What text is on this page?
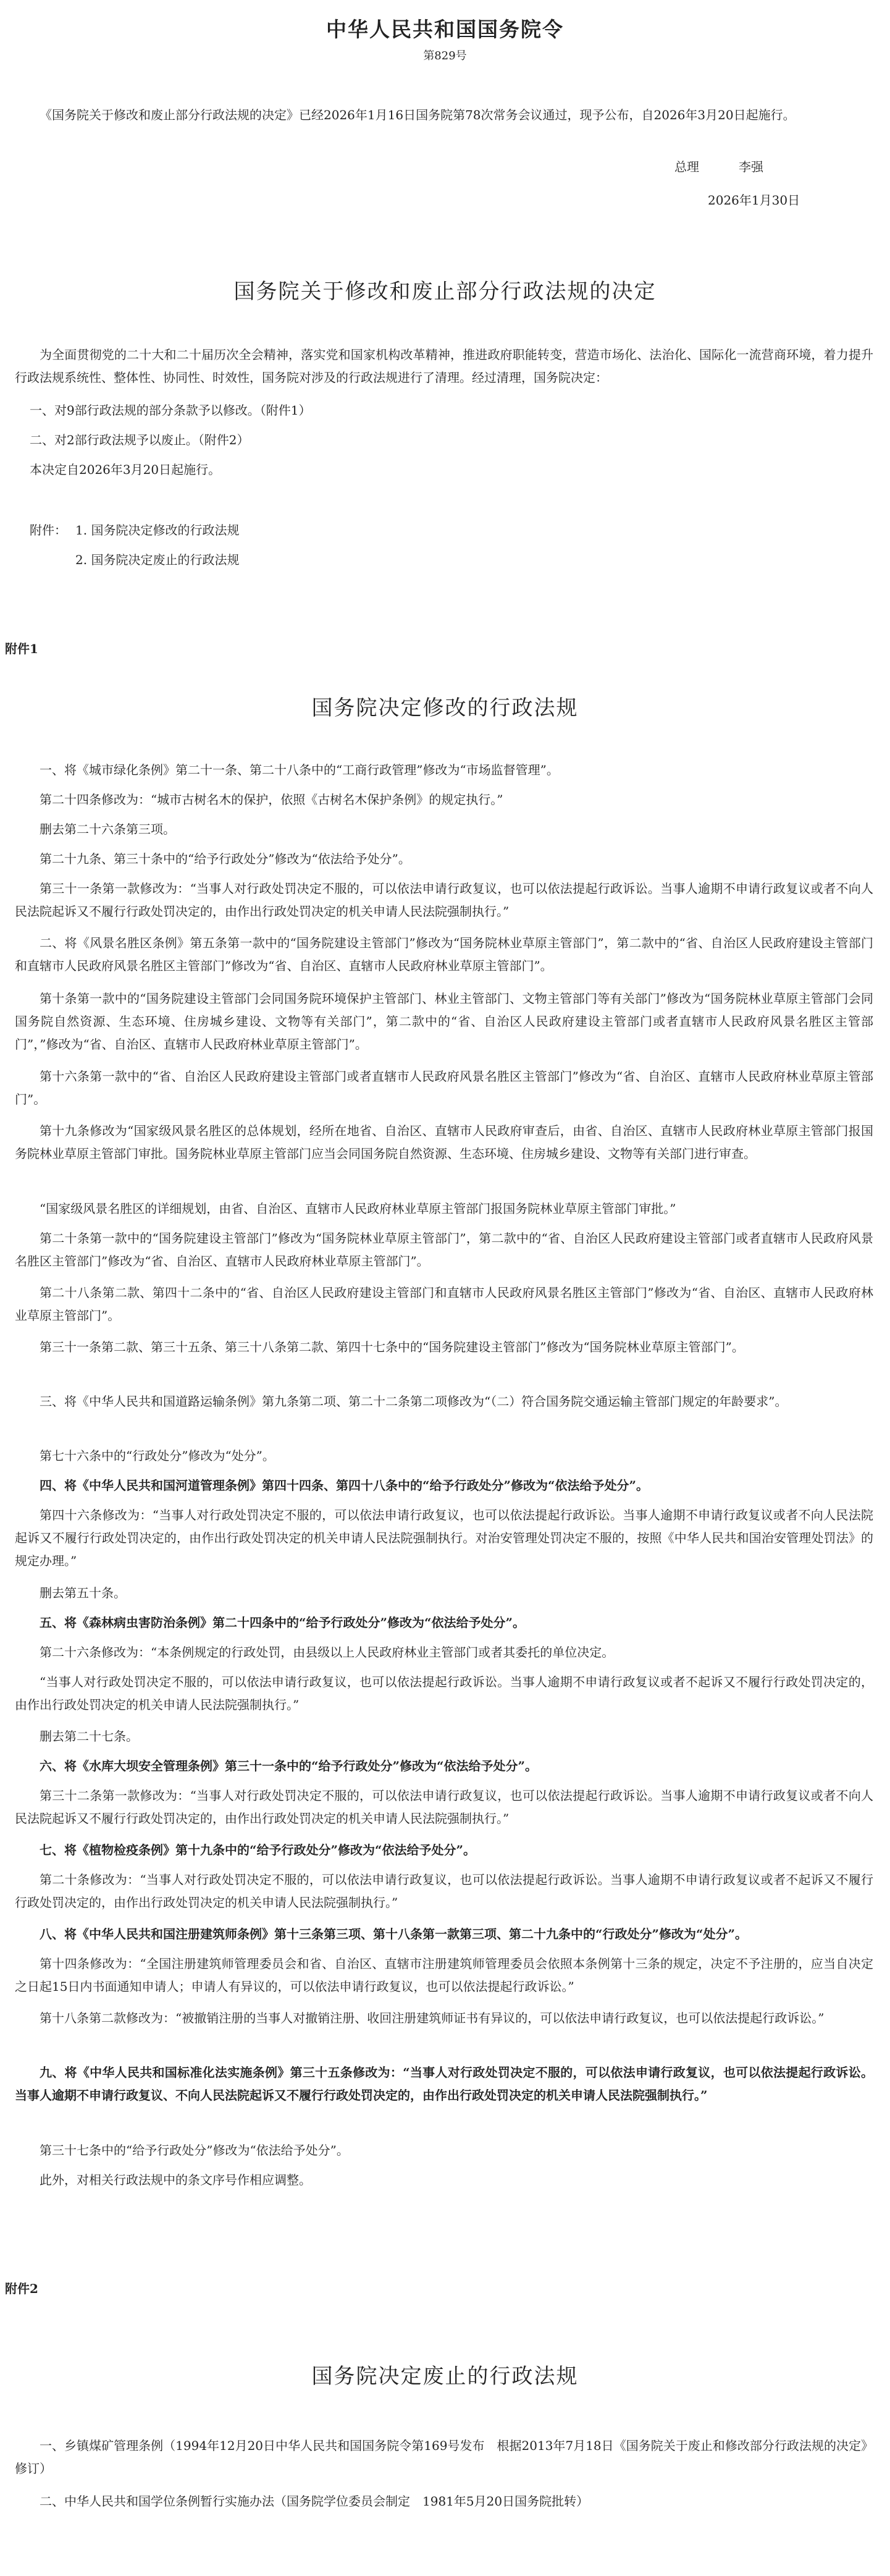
中华人民共和国国务院令
第829号

《国务院关于修改和废止部分行政法规的决定》已经2026年1月16日国务院第78次常务会议通过，现予公布，自2026年3月20日起施行。

总理	李强
2026年1月30日
国务院关于修改和废止部分行政法规的决定

为全面贯彻党的二十大和二十届历次全会精神，落实党和国家机构改革精神，推进政府职能转变，营造市场化、法治化、国际化一流营商环境，着力提升行政法规系统性、整体性、协同性、时效性，国务院对涉及的行政法规进行了清理。经过清理，国务院决定：

一、对9部行政法规的部分条款予以修改。（附件1）
二、对2部行政法规予以废止。（附件2）
本决定自2026年3月20日起施行。
附件： 1. 国务院决定修改的行政法规
2. 国务院决定废止的行政法规
附件1
国务院决定修改的行政法规

一、将《城市绿化条例》第二十一条、第二十八条中的“工商行政管理”修改为“市场监督管理”。

第二十四条修改为：“城市古树名木的保护，依照《古树名木保护条例》的规定执行。”

删去第二十六条第三项。

第二十九条、第三十条中的“给予行政处分”修改为“依法给予处分”。

第三十一条第一款修改为：“当事人对行政处罚决定不服的，可以依法申请行政复议，也可以依法提起行政诉讼。当事人逾期不申请行政复议或者不向人民法院起诉又不履行行政处罚决定的，由作出行政处罚决定的机关申请人民法院强制执行。”

二、将《风景名胜区条例》第五条第一款中的“国务院建设主管部门”修改为“国务院林业草原主管部门”，第二款中的“省、自治区人民政府建设主管部门和直辖市人民政府风景名胜区主管部门”修改为“省、自治区、直辖市人民政府林业草原主管部门”。

第十条第一款中的“国务院建设主管部门会同国务院环境保护主管部门、林业主管部门、文物主管部门等有关部门”修改为“国务院林业草原主管部门会同国务院自然资源、生态环境、住房城乡建设、文物等有关部门”，第二款中的“省、自治区人民政府建设主管部门或者直辖市人民政府风景名胜区主管部门”，”修改为“省、自治区、直辖市人民政府林业草原主管部门”。

第十六条第一款中的“省、自治区人民政府建设主管部门或者直辖市人民政府风景名胜区主管部门”修改为“省、自治区、直辖市人民政府林业草原主管部门”。

第十九条修改为“国家级风景名胜区的总体规划，经所在地省、自治区、直辖市人民政府审查后，由省、自治区、直辖市人民政府林业草原主管部门报国务院林业草原主管部门审批。国务院林业草原主管部门应当会同国务院自然资源、生态环境、住房城乡建设、文物等有关部门进行审查。

“国家级风景名胜区的详细规划，由省、自治区、直辖市人民政府林业草原主管部门报国务院林业草原主管部门审批。”

第二十条第一款中的“国务院建设主管部门”修改为“国务院林业草原主管部门”，第二款中的“省、自治区人民政府建设主管部门或者直辖市人民政府风景名胜区主管部门”修改为“省、自治区、直辖市人民政府林业草原主管部门”。

第二十八条第二款、第四十二条中的“省、自治区人民政府建设主管部门和直辖市人民政府风景名胜区主管部门”修改为“省、自治区、直辖市人民政府林业草原主管部门”。

第三十一条第二款、第三十五条、第三十八条第二款、第四十七条中的“国务院建设主管部门”修改为“国务院林业草原主管部门”。

三、将《中华人民共和国道路运输条例》第九条第二项、第二十二条第二项修改为“（二）符合国务院交通运输主管部门规定的年龄要求”。

第七十六条中的“行政处分”修改为“处分”。

四、将《中华人民共和国河道管理条例》第四十四条、第四十八条中的“给予行政处分”修改为“依法给予处分”。

第四十六条修改为：“当事人对行政处罚决定不服的，可以依法申请行政复议，也可以依法提起行政诉讼。当事人逾期不申请行政复议或者不向人民法院起诉又不履行行政处罚决定的，由作出行政处罚决定的机关申请人民法院强制执行。对治安管理处罚决定不服的，按照《中华人民共和国治安管理处罚法》的规定办理。”

删去第五十条。

五、将《森林病虫害防治条例》第二十四条中的“给予行政处分”修改为“依法给予处分”。

第二十六条修改为：“本条例规定的行政处罚，由县级以上人民政府林业主管部门或者其委托的单位决定。

“当事人对行政处罚决定不服的，可以依法申请行政复议，也可以依法提起行政诉讼。当事人逾期不申请行政复议或者不起诉又不履行行政处罚决定的，由作出行政处罚决定的机关申请人民法院强制执行。”

删去第二十七条。

六、将《水库大坝安全管理条例》第三十一条中的“给予行政处分”修改为“依法给予处分”。

第三十二条第一款修改为：“当事人对行政处罚决定不服的，可以依法申请行政复议，也可以依法提起行政诉讼。当事人逾期不申请行政复议或者不向人民法院起诉又不履行行政处罚决定的，由作出行政处罚决定的机关申请人民法院强制执行。”

七、将《植物检疫条例》第十九条中的“给予行政处分”修改为“依法给予处分”。

第二十条修改为：“当事人对行政处罚决定不服的，可以依法申请行政复议，也可以依法提起行政诉讼。当事人逾期不申请行政复议或者不起诉又不履行行政处罚决定的，由作出行政处罚决定的机关申请人民法院强制执行。”

八、将《中华人民共和国注册建筑师条例》第十三条第三项、第十八条第一款第三项、第二十九条中的“行政处分”修改为“处分”。

第十四条修改为：“全国注册建筑师管理委员会和省、自治区、直辖市注册建筑师管理委员会依照本条例第十三条的规定，决定不予注册的，应当自决定之日起15日内书面通知申请人；申请人有异议的，可以依法申请行政复议，也可以依法提起行政诉讼。”

第十八条第二款修改为：“被撤销注册的当事人对撤销注册、收回注册建筑师证书有异议的，可以依法申请行政复议，也可以依法提起行政诉讼。”

九、将《中华人民共和国标准化法实施条例》第三十五条修改为：“当事人对行政处罚决定不服的，可以依法申请行政复议，也可以依法提起行政诉讼。当事人逾期不申请行政复议、不向人民法院起诉又不履行行政处罚决定的，由作出行政处罚决定的机关申请人民法院强制执行。”

第三十七条中的“给予行政处分”修改为“依法给予处分”。

此外，对相关行政法规中的条文序号作相应调整。

附件2
国务院决定废止的行政法规

一、乡镇煤矿管理条例（1994年12月20日中华人民共和国国务院令第169号发布　根据2013年7月18日《国务院关于废止和修改部分行政法规的决定》修订）

二、中华人民共和国学位条例暂行实施办法（国务院学位委员会制定　1981年5月20日国务院批转）
